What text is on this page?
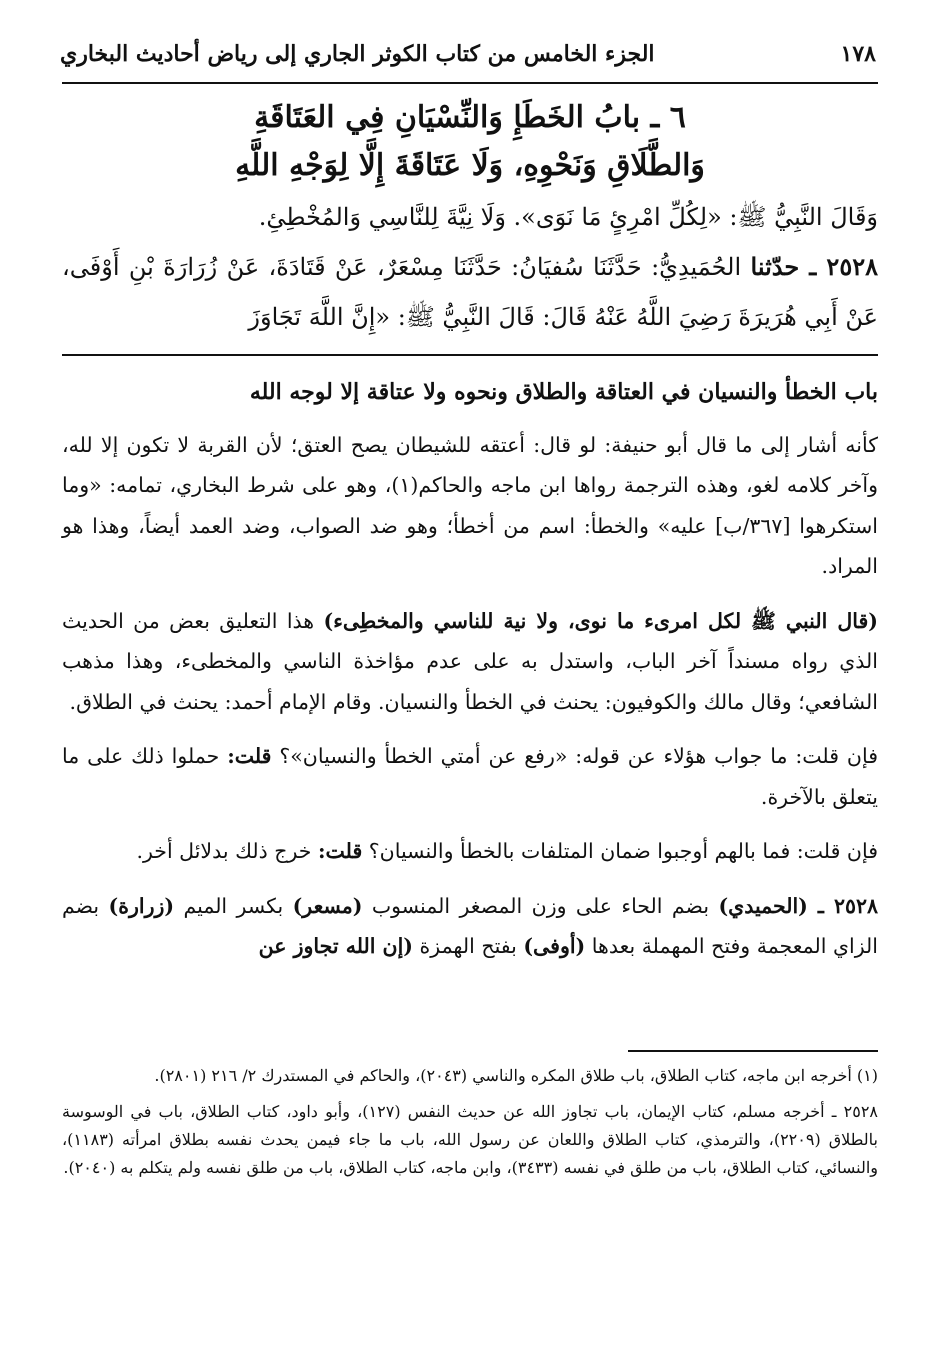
١٧٨
الجزء الخامس من كتاب الكوثر الجاري إلى رياض أحاديث البخاري
٦ ـ بابُ الخَطَإِ وَالنِّسْيَانِ فِي العَتَاقَةِ
وَالطَّلَاقِ وَنَحْوِهِ، وَلَا عَتَاقَةَ إِلَّا لِوَجْهِ اللَّهِ

وَقَالَ النَّبِيُّ ﷺ: «لِكُلِّ امْرِئٍ مَا نَوَى». وَلَا نِيَّةَ لِلنَّاسِي وَالمُخْطِئِ.

٢٥٢٨ ـ حدّثنا الحُمَيدِيُّ: حَدَّثَنَا سُفيَانُ: حَدَّثَنَا مِسْعَرٌ، عَنْ قَتَادَةَ، عَنْ زُرَارَةَ بْنِ أَوْفَى، عَنْ أَبِي هُرَيرَةَ رَضِيَ اللَّهُ عَنْهُ قَالَ: قَالَ النَّبِيُّ ﷺ: «إِنَّ اللَّهَ تَجَاوَزَ

باب الخطأ والنسيان في العتاقة والطلاق ونحوه ولا عتاقة إلا لوجه الله

كأنه أشار إلى ما قال أبو حنيفة: لو قال: أعتقه للشيطان يصح العتق؛ لأن القربة لا تكون إلا لله، وآخر كلامه لغو، وهذه الترجمة رواها ابن ماجه والحاكم(١)، وهو على شرط البخاري، تمامه: «وما استكرهوا [٣٦٧/ب] عليه» والخطأ: اسم من أخطأ؛ وهو ضد الصواب، وضد العمد أيضاً، وهذا هو المراد.

(قال النبي ﷺ لكل امرىء ما نوى، ولا نية للناسي والمخطِىء) هذا التعليق بعض من الحديث الذي رواه مسنداً آخر الباب، واستدل به على عدم مؤاخذة الناسي والمخطىء، وهذا مذهب الشافعي؛ وقال مالك والكوفيون: يحنث في الخطأ والنسيان. وقام الإمام أحمد: يحنث في الطلاق.

فإن قلت: ما جواب هؤلاء عن قوله: «رفع عن أمتي الخطأ والنسيان»؟ قلت: حملوا ذلك على ما يتعلق بالآخرة.

فإن قلت: فما بالهم أوجبوا ضمان المتلفات بالخطأ والنسيان؟ قلت: خرج ذلك بدلائل أخر.

٢٥٢٨ ـ (الحميدي) بضم الحاء على وزن المصغر المنسوب (مسعر) بكسر الميم (زرارة) بضم الزاي المعجمة وفتح المهملة بعدها (أوفى) بفتح الهمزة (إن الله تجاوز عن

(١) أخرجه ابن ماجه، كتاب الطلاق، باب طلاق المكره والناسي (٢٠٤٣)، والحاكم في المستدرك ٢/ ٢١٦ (٢٨٠١).

٢٥٢٨ ـ أخرجه مسلم، كتاب الإيمان، باب تجاوز الله عن حديث النفس (١٢٧)، وأبو داود، كتاب الطلاق، باب في الوسوسة بالطلاق (٢٢٠٩)، والترمذي، كتاب الطلاق واللعان عن رسول الله، باب ما جاء فيمن يحدث نفسه بطلاق امرأته (١١٨٣)، والنسائي، كتاب الطلاق، باب من طلق في نفسه (٣٤٣٣)، وابن ماجه، كتاب الطلاق، باب من طلق نفسه ولم يتكلم به (٢٠٤٠).
